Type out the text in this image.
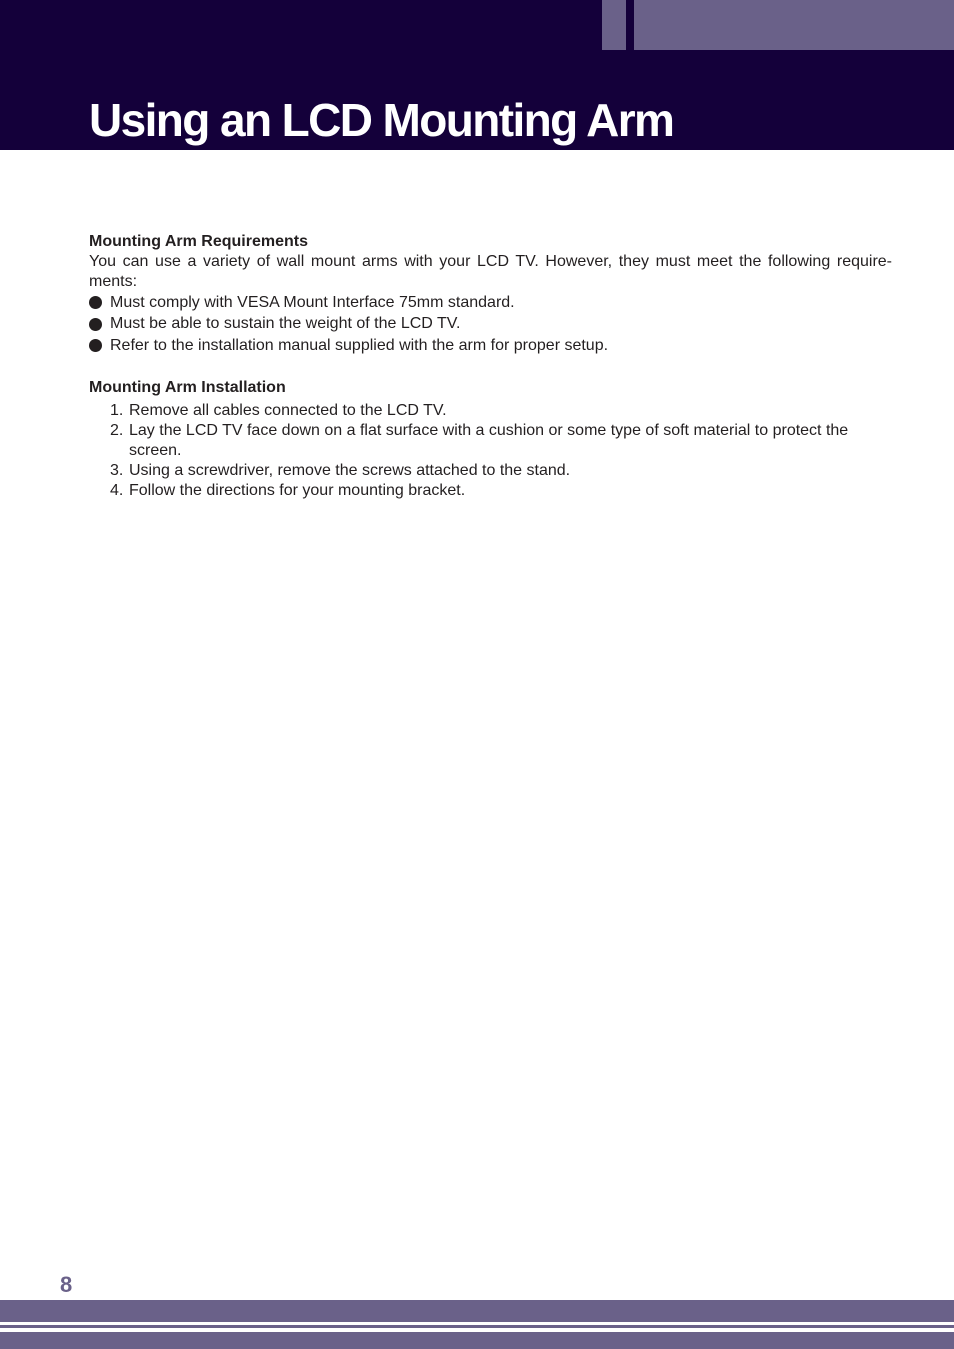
Using an LCD Mounting Arm
Mounting Arm Requirements

You can use a variety of wall mount arms with your LCD TV. However, they must meet the following require-ments:

Must comply with VESA Mount Interface 75mm standard.
Must be able to sustain the weight of the LCD TV.
Refer to the installation manual supplied with the arm for proper setup.
Mounting Arm Installation
1. Remove all cables connected to the LCD TV.
2. Lay the LCD TV face down on a flat surface with a cushion or some type of soft material to protect the screen.
3. Using a screwdriver, remove the screws attached to the stand.
4. Follow the directions for your mounting bracket.
8
